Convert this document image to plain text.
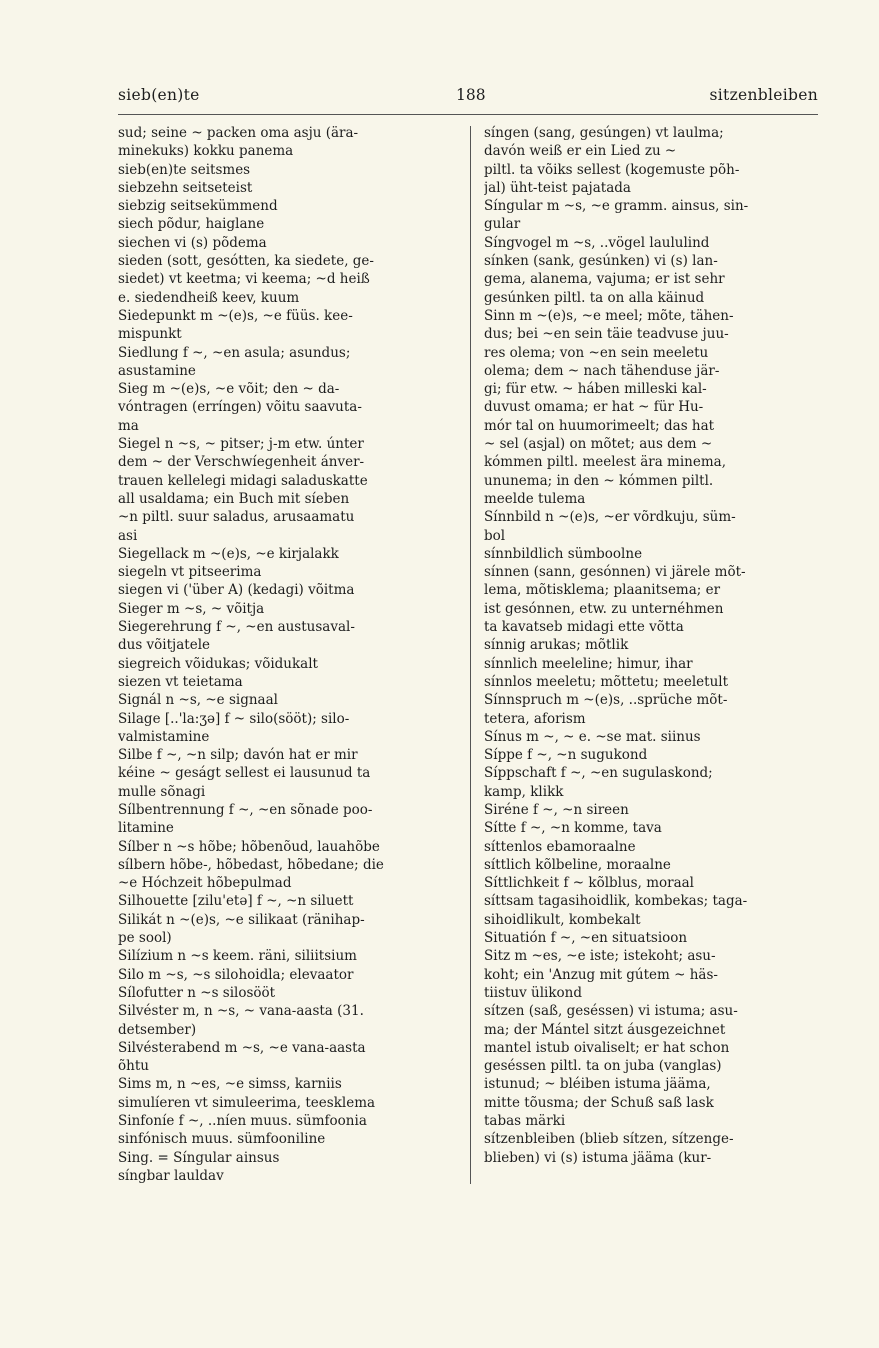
sieb(en)te	188	sitzenbleiben
sud; seine ~ packen oma asju (ära-
minekuks) kokku panema
sieb(en)te seitsmes
siebzehn seitseteist
siebzig seitsekümmend
siech põdur, haiglane
siechen vi (s) põdema
sieden (sott, gesótten, ka siedete, ge-
siedet) vt keetma; vi keema; ~d heiß
e. siedendheiß keev, kuum
Siedepunkt m ~(e)s, ~e füüs. kee-
mispunkt
Siedlung f ~, ~en asula; asundus;
asustamine
Sieg m ~(e)s, ~e võit; den ~ da-
vóntragen (erríngen) võitu saavuta-
ma
Siegel n ~s, ~ pitser; j-m etw. únter
dem ~ der Verschwíegenheit ánver-
trauen kellelegi midagi saladuskatte
all usaldama; ein Buch mit síeben
~n piltl. suur saladus, arusaamatu
asi
Siegellack m ~(e)s, ~e kirjalakk
siegeln vt pitseerima
siegen vi ('über A) (kedagi) võitma
Sieger m ~s, ~ võitja
Siegerehrung f ~, ~en austusaval-
dus võitjatele
siegreich võidukas; võidukalt
siezen vt teietama
Signál n ~s, ~e signaal
Silage [..'la:ʒə] f ~ silo(sööt); silo-
valmistamine
Silbe f ~, ~n silp; davón hat er mir
kéine ~ geságt sellest ei lausunud ta
mulle sõnagi
Sílbentrennung f ~, ~en sõnade poo-
litamine
Sílber n ~s hõbe; hõbenõud, lauahõbe
sílbern hõbe-, hõbedast, hõbedane; die
~e Hóchzeit hõbepulmad
Silhouette [zilu'etə] f ~, ~n siluett
Silikát n ~(e)s, ~e silikaat (ränihap-
pe sool)
Silízium n ~s keem. räni, siliitsium
Silo m ~s, ~s silohoidla; elevaator
Sílofutter n ~s silosööt
Silvéster m, n ~s, ~ vana-aasta (31.
detsember)
Silvésterabend m ~s, ~e vana-aasta
õhtu
Sims m, n ~es, ~e simss, karniis
simulíeren vt simuleerima, teesklema
Sinfoníe f ~, ..níen muus. sümfoonia
sinfónisch muus. sümfooniline
Sing. = Síngular ainsus
síngbar lauldav
síngen (sang, gesúngen) vt laulma;
davón weiß er ein Lied zu ~
piltl. ta võiks sellest (kogemuste põh-
jal) üht-teist pajatada
Síngular m ~s, ~e gramm. ainsus, sin-
gular
Síngvogel m ~s, ..vögel laululind
sínken (sank, gesúnken) vi (s) lan-
gema, alanema, vajuma; er ist sehr
gesúnken piltl. ta on alla käinud
Sinn m ~(e)s, ~e meel; mõte, tähen-
dus; bei ~en sein täie teadvuse juu-
res olema; von ~en sein meeletu
olema; dem ~ nach tähenduse jär-
gi; für etw. ~ háben milleski kal-
duvust omama; er hat ~ für Hu-
mór tal on huumorimeelt; das hat
~ sel (asjal) on mõtet; aus dem ~
kómmen piltl. meelest ära minema,
ununema; in den ~ kómmen piltl.
meelde tulema
Sínnbild n ~(e)s, ~er võrdkuju, süm-
bol
sínnbildlich sümboolne
sínnen (sann, gesónnen) vi järele mõt-
lema, mõtisklema; plaanitsema; er
ist gesónnen, etw. zu unternéhmen
ta kavatseb midagi ette võtta
sínnig arukas; mõtlik
sínnlich meeleline; himur, ihar
sínnlos meeletu; mõttetu; meeletult
Sínnspruch m ~(e)s, ..sprüche mõt-
tetera, aforism
Sínus m ~, ~ e. ~se mat. siinus
Síppe f ~, ~n sugukond
Síppschaft f ~, ~en sugulaskond;
kamp, klikk
Siréne f ~, ~n sireen
Sítte f ~, ~n komme, tava
síttenlos ebamoraalne
síttlich kõlbeline, moraalne
Síttlichkeit f ~ kõlblus, moraal
síttsam tagasihoidlik, kombekas; taga-
sihoidlikult, kombekalt
Situatión f ~, ~en situatsioon
Sitz m ~es, ~e iste; istekoht; asu-
koht; ein 'Anzug mit gútem ~ häs-
tiistuv ülikond
sítzen (saß, geséssen) vi istuma; asu-
ma; der Mántel sitzt áusgezeichnet
mantel istub oivaliselt; er hat schon
geséssen piltl. ta on juba (vanglas)
istunud; ~ bléiben istuma jääma,
mitte tõusma; der Schuß saß lask
tabas märki
sítzenbleiben (blieb sítzen, sítzenge-
blieben) vi (s) istuma jääma (kur-
